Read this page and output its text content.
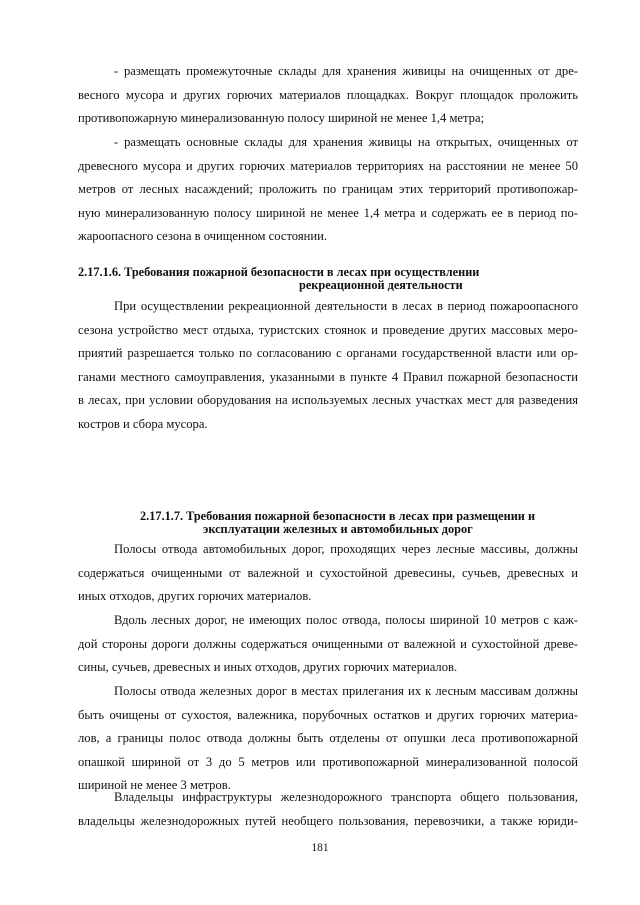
- размещать промежуточные склады для хранения живицы на очищенных от дре-
весного мусора и других горючих материалов площадках. Вокруг площадок проложить
противопожарную минерализованную полосу шириной не менее 1,4 метра;
- размещать основные склады для хранения живицы на открытых, очищенных от
древесного мусора и других горючих материалов территориях на расстоянии не менее 50
метров от лесных насаждений; проложить по границам этих территорий противопожар-
ную минерализованную полосу шириной не менее 1,4 метра и содержать ее в период по-
жароопасного сезона в очищенном состоянии.
2.17.1.6. Требования пожарной безопасности в лесах при осуществлении
рекреационной деятельности
При осуществлении рекреационной деятельности в лесах в период пожароопасного
сезона устройство мест отдыха, туристских стоянок и проведение других массовых меро-
приятий разрешается только по согласованию с органами государственной власти или ор-
ганами местного самоуправления, указанными в пункте 4 Правил пожарной безопасности
в лесах, при условии оборудования на используемых лесных участках мест для разведения
костров и сбора мусора.
2.17.1.7. Требования пожарной безопасности в лесах при размещении и
эксплуатации железных и автомобильных дорог
Полосы отвода автомобильных дорог, проходящих через лесные массивы, должны
содержаться очищенными от валежной и сухостойной древесины, сучьев, древесных и
иных отходов, других горючих материалов.
Вдоль лесных дорог, не имеющих полос отвода, полосы шириной 10 метров с каж-
дой стороны дороги должны содержаться очищенными от валежной и сухостойной древе-
сины, сучьев, древесных и иных отходов, других горючих материалов.
Полосы отвода железных дорог в местах прилегания их к лесным массивам должны
быть очищены от сухостоя, валежника, порубочных остатков и других горючих материа-
лов, а границы полос отвода должны быть отделены от опушки леса противопожарной
опашкой шириной от 3 до 5 метров или противопожарной минерализованной полосой
шириной не менее 3 метров.
Владельцы инфраструктуры железнодорожного транспорта общего пользования,
владельцы железнодорожных путей необщего пользования, перевозчики, а также юриди-
181
